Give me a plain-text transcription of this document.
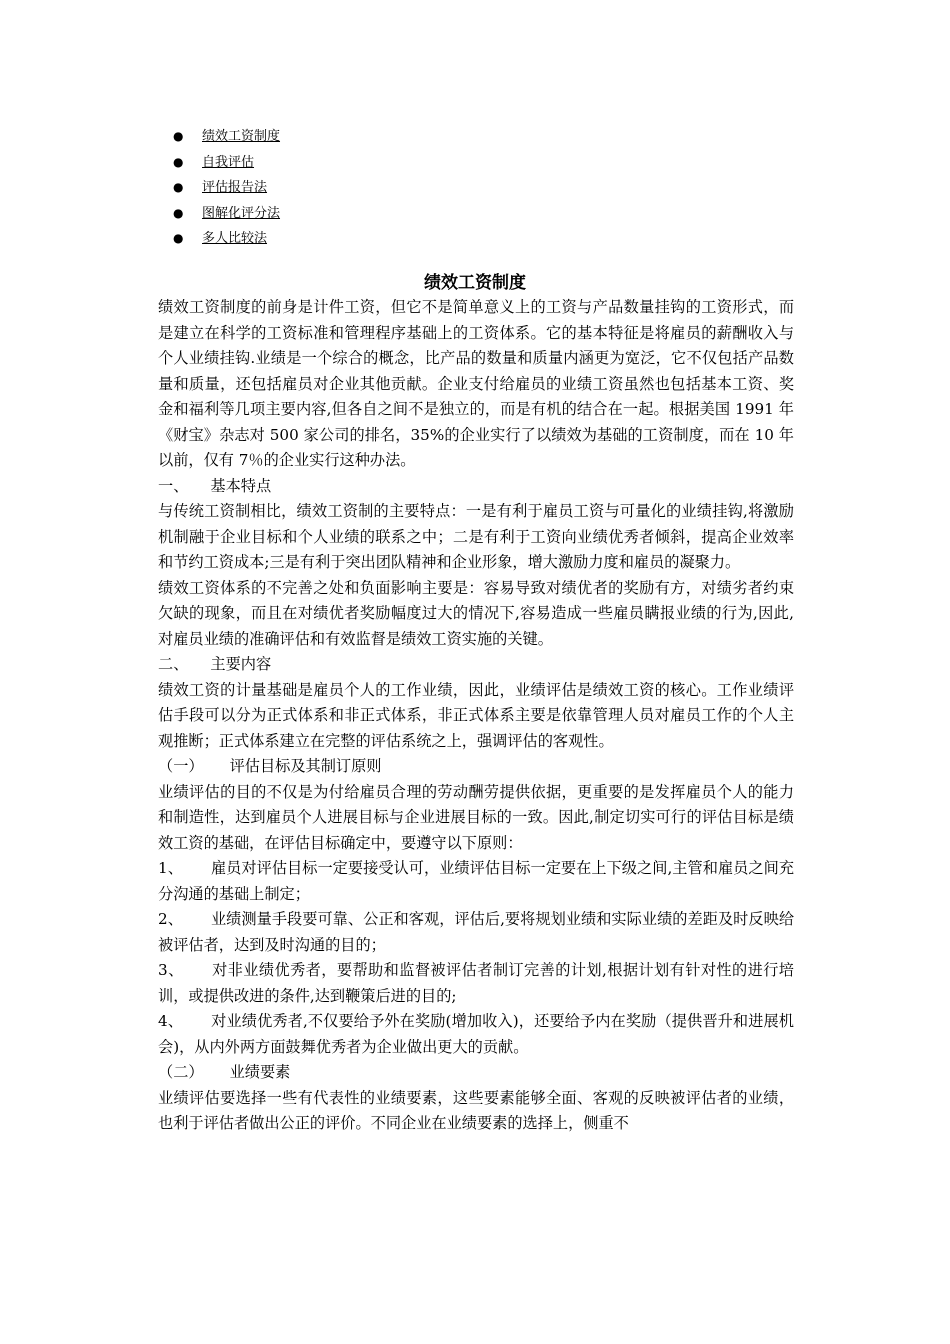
● 绩效工资制度
● 自我评估
● 评估报告法
● 图解化评分法
● 多人比较法
绩效工资制度

绩效工资制度的前身是计件工资，但它不是简单意义上的工资与产品数量挂钩的工资形式，而是建立在科学的工资标准和管理程序基础上的工资体系。它的基本特征是将雇员的薪酬收入与个人业绩挂钩.业绩是一个综合的概念，比产品的数量和质量内涵更为宽泛，它不仅包括产品数量和质量，还包括雇员对企业其他贡献。企业支付给雇员的业绩工资虽然也包括基本工资、奖金和福利等几项主要内容,但各自之间不是独立的，而是有机的结合在一起。根据美国 1991 年《财宝》杂志对 500 家公司的排名，35%的企业实行了以绩效为基础的工资制度，而在 10 年以前，仅有 7％的企业实行这种办法。

一、 基本特点

与传统工资制相比，绩效工资制的主要特点：一是有利于雇员工资与可量化的业绩挂钩,将激励机制融于企业目标和个人业绩的联系之中；二是有利于工资向业绩优秀者倾斜，提高企业效率和节约工资成本;三是有利于突出团队精神和企业形象，增大激励力度和雇员的凝聚力。

绩效工资体系的不完善之处和负面影响主要是：容易导致对绩优者的奖励有方，对绩劣者约束欠缺的现象，而且在对绩优者奖励幅度过大的情况下,容易造成一些雇员瞒报业绩的行为,因此,对雇员业绩的准确评估和有效监督是绩效工资实施的关键。

二、 主要内容

绩效工资的计量基础是雇员个人的工作业绩，因此，业绩评估是绩效工资的核心。工作业绩评估手段可以分为正式体系和非正式体系，非正式体系主要是依靠管理人员对雇员工作的个人主观推断；正式体系建立在完整的评估系统之上，强调评估的客观性。

（一） 评估目标及其制订原则

业绩评估的目的不仅是为付给雇员合理的劳动酬劳提供依据，更重要的是发挥雇员个人的能力和制造性，达到雇员个人进展目标与企业进展目标的一致。因此,制定切实可行的评估目标是绩效工资的基础，在评估目标确定中，要遵守以下原则：

1、 雇员对评估目标一定要接受认可，业绩评估目标一定要在上下级之间,主管和雇员之间充分沟通的基础上制定；

2、 业绩测量手段要可靠、公正和客观，评估后,要将规划业绩和实际业绩的差距及时反映给被评估者，达到及时沟通的目的；

3、 对非业绩优秀者，要帮助和监督被评估者制订完善的计划,根据计划有针对性的进行培训，或提供改进的条件,达到鞭策后进的目的;

4、 对业绩优秀者,不仅要给予外在奖励(增加收入)，还要给予内在奖励（提供晋升和进展机会)，从内外两方面鼓舞优秀者为企业做出更大的贡献。

（二） 业绩要素

业绩评估要选择一些有代表性的业绩要素，这些要素能够全面、客观的反映被评估者的业绩，也利于评估者做出公正的评价。不同企业在业绩要素的选择上，侧重不
